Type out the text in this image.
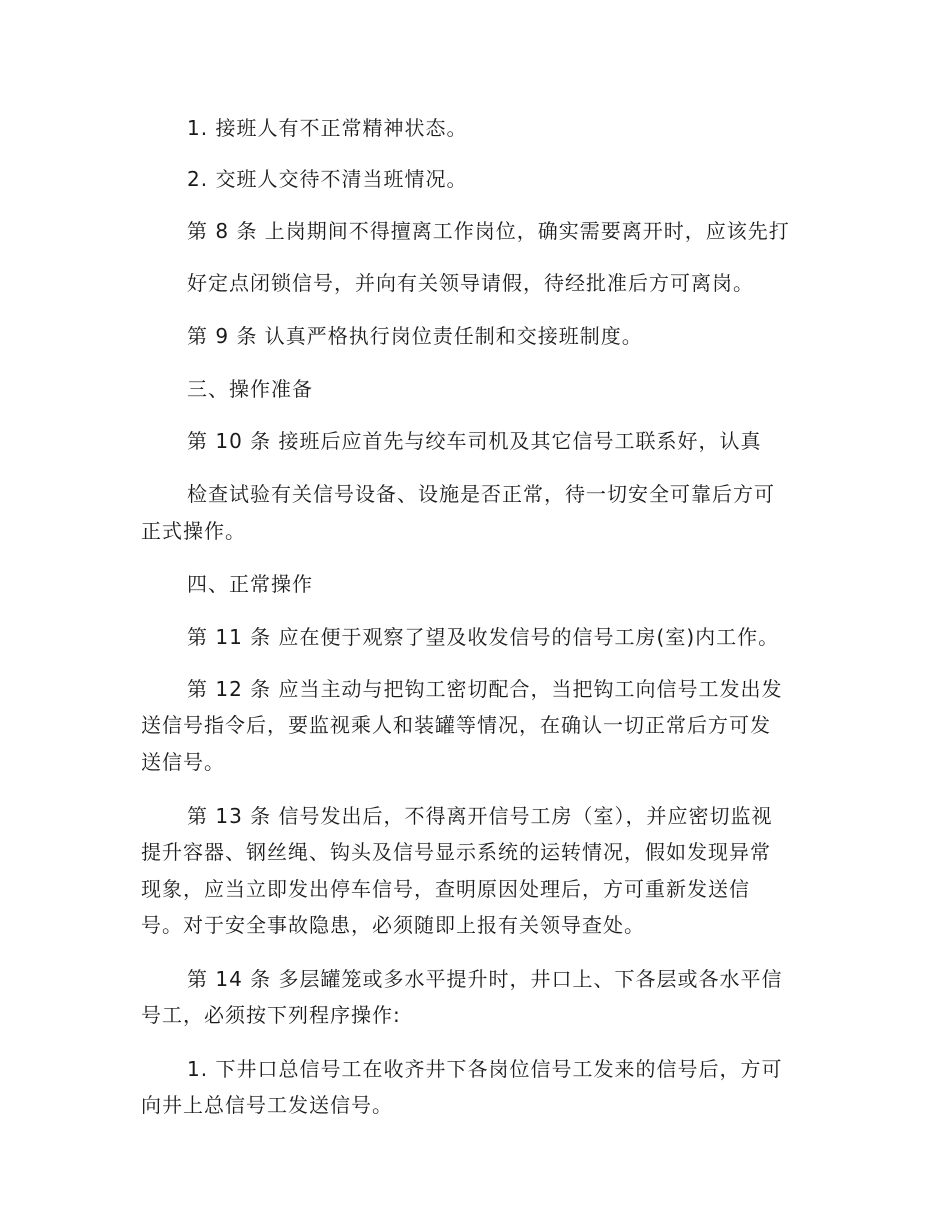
1. 接班人有不正常精神状态。

2. 交班人交待不清当班情况。

第 8 条 上岗期间不得擅离工作岗位，确实需要离开时，应该先打

好定点闭锁信号，并向有关领导请假，待经批准后方可离岗。

第 9 条 认真严格执行岗位责任制和交接班制度。

三、操作准备

第 10 条 接班后应首先与绞车司机及其它信号工联系好，认真

检查试验有关信号设备、设施是否正常，待一切安全可靠后方可

正式操作。

四、正常操作

第 11 条 应在便于观察了望及收发信号的信号工房(室)内工作。

第 12 条 应当主动与把钩工密切配合，当把钩工向信号工发出发

送信号指令后，要监视乘人和装罐等情况，在确认一切正常后方可发

送信号。

第 13 条 信号发出后，不得离开信号工房（室），并应密切监视

提升容器、钢丝绳、钩头及信号显示系统的运转情况，假如发现异常

现象，应当立即发出停车信号，查明原因处理后，方可重新发送信

号。对于安全事故隐患，必须随即上报有关领导查处。

第 14 条 多层罐笼或多水平提升时，井口上、下各层或各水平信

号工，必须按下列程序操作:

1. 下井口总信号工在收齐井下各岗位信号工发来的信号后，方可

向井上总信号工发送信号。
